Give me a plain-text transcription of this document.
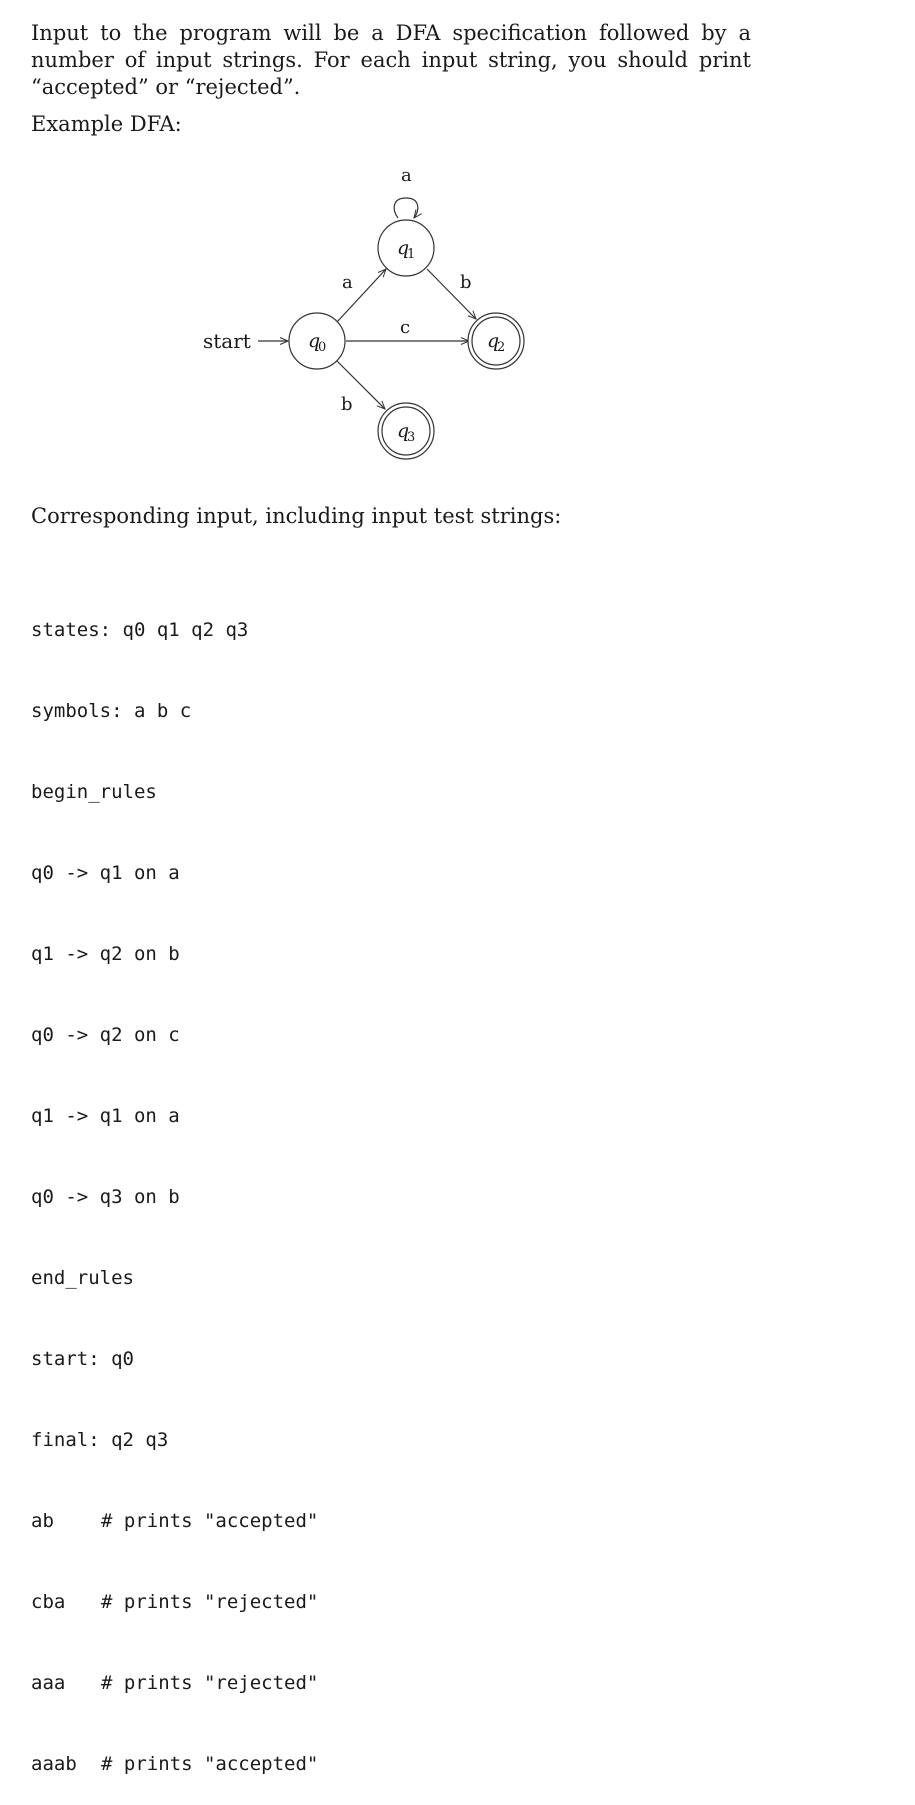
Input to the program will be a DFA specification followed by a number of input strings. For each input string, you should print “accepted” or “rejected”.
Example DFA:
start
a
a	b
c
b
q
0
q
1
q
2
q
3
Corresponding input, including input test strings:

states: q0 q1 q2 q3

symbols: a b c

begin_rules

q0 -> q1 on a

q1 -> q2 on b

q0 -> q2 on c

q1 -> q1 on a

q0 -> q3 on b

end_rules

start: q0

final: q2 q3

ab # prints "accepted"

cba # prints "rejected"

aaa # prints "rejected"

aaab # prints "accepted"
